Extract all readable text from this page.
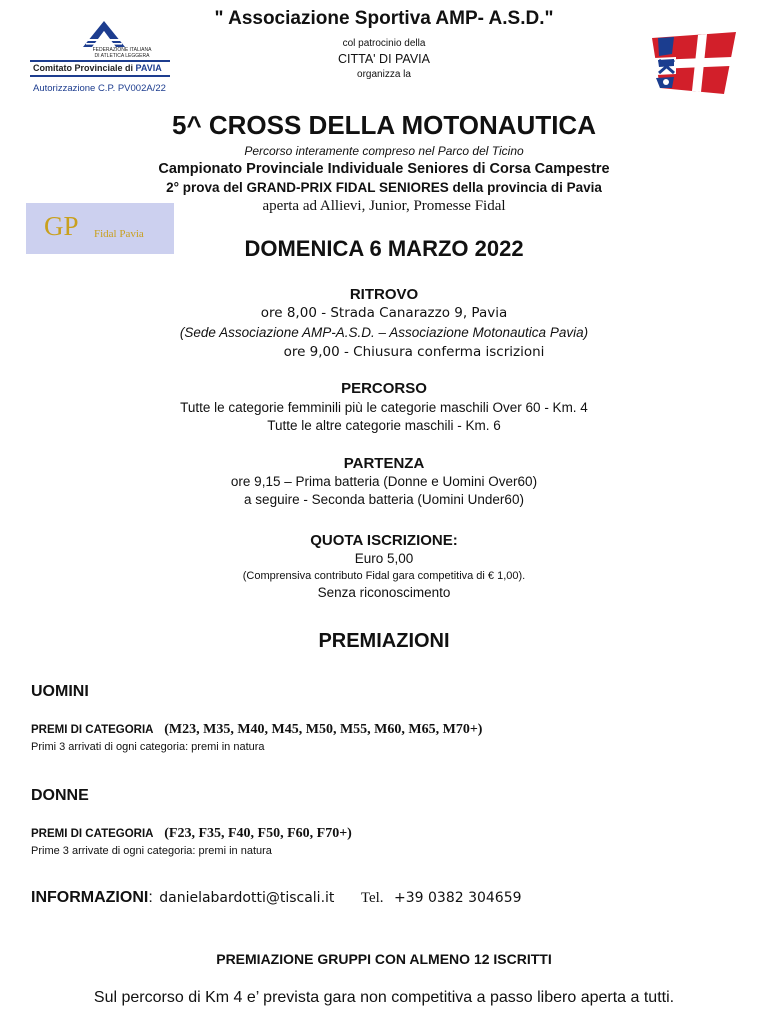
FEDERAZIONE ITALIANA
DI ATLETICA LEGGERA
Comitato Provinciale di PAVIA
Autorizzazione C.P. PV002A/22
" Associazione Sportiva AMP- A.S.D."
col patrocinio della
CITTA' DI PAVIA
organizza la
5^ CROSS DELLA MOTONAUTICA
Percorso interamente compreso nel Parco del Ticino
Campionato Provinciale Individuale Seniores di Corsa Campestre
2° prova del GRAND-PRIX FIDAL SENIORES della provincia di Pavia
aperta ad Allievi, Junior, Promesse Fidal
GP Fidal Pavia
DOMENICA 6 MARZO 2022
RITROVO
ore 8,00 - Strada Canarazzo 9, Pavia
(Sede Associazione AMP-A.S.D. – Associazione Motonautica Pavia)
ore 9,00 - Chiusura conferma iscrizioni
PERCORSO
Tutte le categorie femminili più le categorie maschili Over 60 - Km. 4
Tutte le altre categorie maschili - Km. 6
PARTENZA
ore 9,15 – Prima batteria (Donne e Uomini Over60)
a seguire - Seconda batteria (Uomini Under60)
QUOTA ISCRIZIONE:
Euro 5,00
(Comprensiva contributo Fidal gara competitiva di € 1,00).
Senza riconoscimento
PREMIAZIONI
UOMINI
PREMI DI CATEGORIA (M23, M35, M40, M45, M50, M55, M60, M65, M70+)
Primi 3 arrivati di ogni categoria: premi in natura
DONNE
PREMI DI CATEGORIA (F23, F35, F40, F50, F60, F70+)
Prime 3 arrivate di ogni categoria: premi in natura
INFORMAZIONI: danielabardotti@tiscali.it Tel. +39 0382 304659
PREMIAZIONE GRUPPI CON ALMENO 12 ISCRITTI
Sul percorso di Km 4 e’ prevista gara non competitiva a passo libero aperta a tutti.
